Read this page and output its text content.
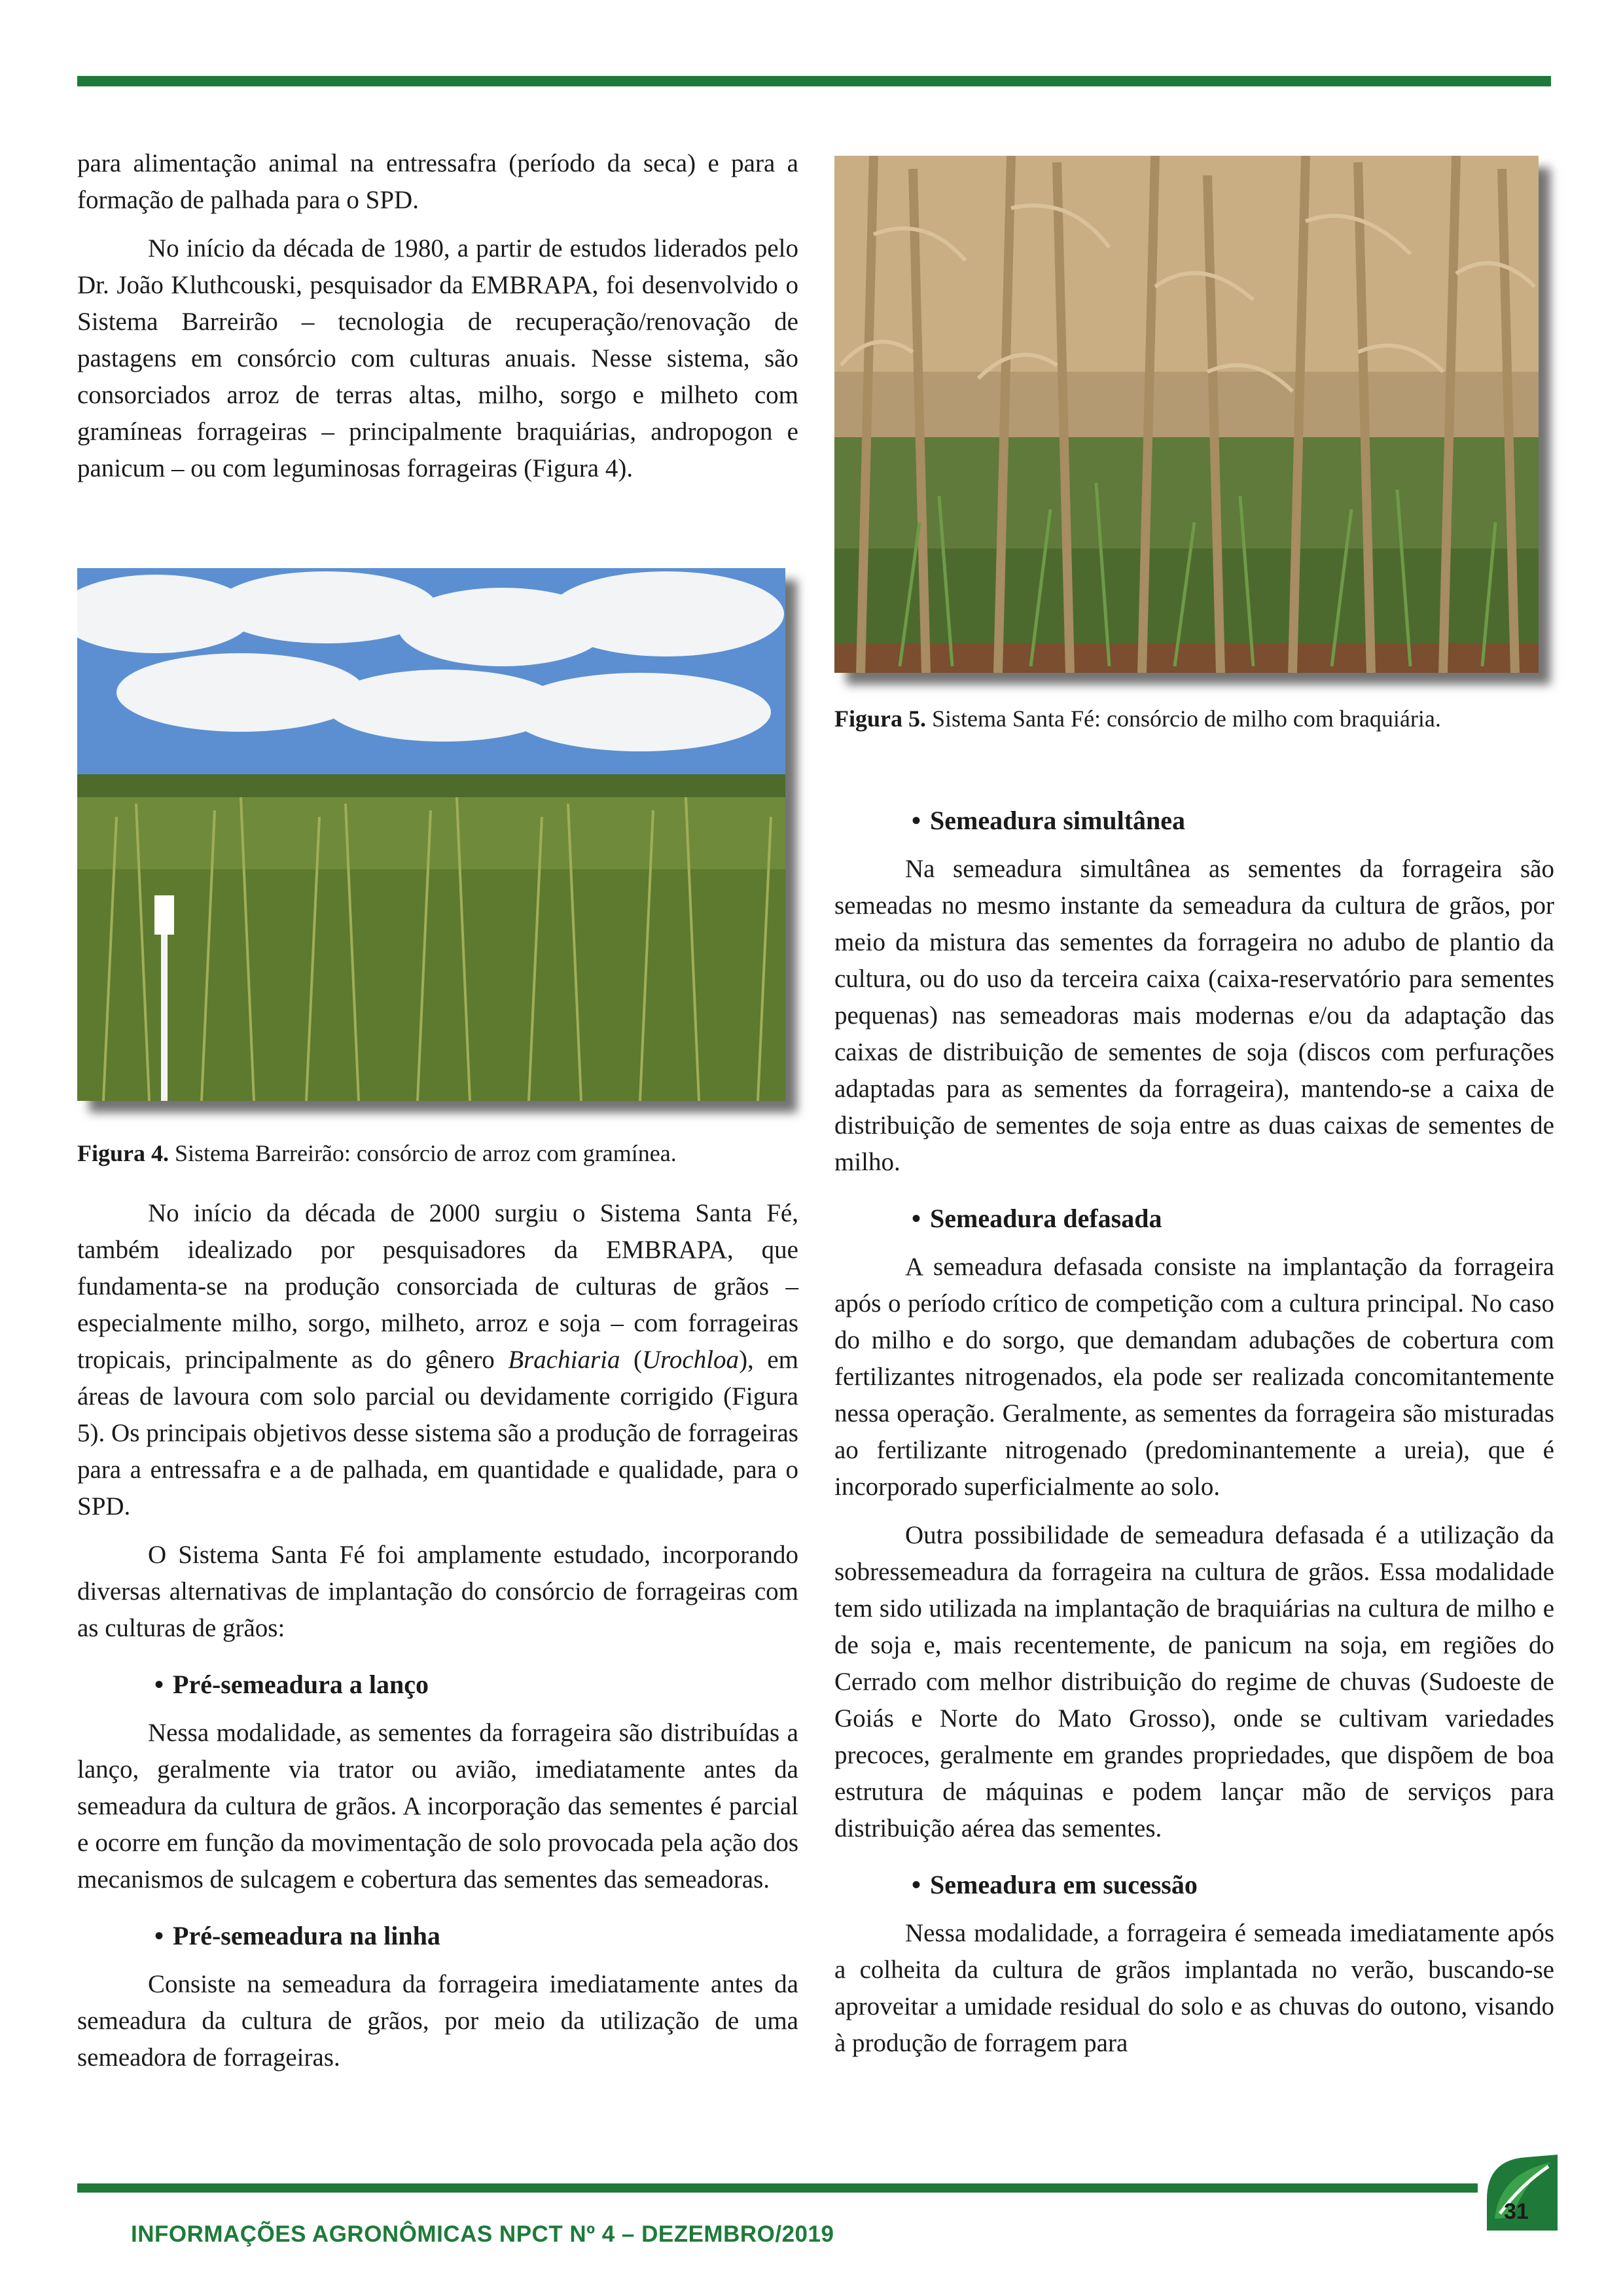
para alimentação animal na entressafra (período da seca) e para a formação de palhada para o SPD.

No início da década de 1980, a partir de estudos liderados pelo Dr. João Kluthcouski, pesquisador da EMBRAPA, foi desenvolvido o Sistema Barreirão – tecnologia de recuperação/renovação de pastagens em consórcio com culturas anuais. Nesse sistema, são consorciados arroz de terras altas, milho, sorgo e milheto com gramíneas forrageiras – principalmente braquiárias, andropogon e panicum – ou com leguminosas forrageiras (Figura 4).

Figura 5. Sistema Santa Fé: consórcio de milho com braquiária.
Figura 4. Sistema Barreirão: consórcio de arroz com gramínea.

No início da década de 2000 surgiu o Sistema Santa Fé, também idealizado por pesquisadores da EMBRAPA, que fundamenta-se na produção consorciada de culturas de grãos – especialmente milho, sorgo, milheto, arroz e soja – com forrageiras tropicais, principalmente as do gênero Brachiaria (Urochloa), em áreas de lavoura com solo parcial ou devidamente corrigido (Figura 5). Os principais objetivos desse sistema são a produção de forrageiras para a entressafra e a de palhada, em quantidade e qualidade, para o SPD.

O Sistema Santa Fé foi amplamente estudado, incorporando diversas alternativas de implantação do consórcio de forrageiras com as culturas de grãos:

• Pré-semeadura a lanço

Nessa modalidade, as sementes da forrageira são distribuídas a lanço, geralmente via trator ou avião, imediatamente antes da semeadura da cultura de grãos. A incorporação das sementes é parcial e ocorre em função da movimentação de solo provocada pela ação dos mecanismos de sulcagem e cobertura das sementes das semeadoras.

• Pré-semeadura na linha

Consiste na semeadura da forrageira imediatamente antes da semeadura da cultura de grãos, por meio da utilização de uma semeadora de forrageiras.

• Semeadura simultânea

Na semeadura simultânea as sementes da forrageira são semeadas no mesmo instante da semeadura da cultura de grãos, por meio da mistura das sementes da forrageira no adubo de plantio da cultura, ou do uso da terceira caixa (caixa-reservatório para sementes pequenas) nas semeadoras mais modernas e/ou da adaptação das caixas de distribuição de sementes de soja (discos com perfurações adaptadas para as sementes da forrageira), mantendo-se a caixa de distribuição de sementes de soja entre as duas caixas de sementes de milho.

• Semeadura defasada

A semeadura defasada consiste na implantação da forrageira após o período crítico de competição com a cultura principal. No caso do milho e do sorgo, que demandam adubações de cobertura com fertilizantes nitrogenados, ela pode ser realizada concomitantemente nessa operação. Geralmente, as sementes da forrageira são misturadas ao fertilizante nitrogenado (predominantemente a ureia), que é incorporado superficialmente ao solo.

Outra possibilidade de semeadura defasada é a utilização da sobressemeadura da forrageira na cultura de grãos. Essa modalidade tem sido utilizada na implantação de braquiárias na cultura de milho e de soja e, mais recentemente, de panicum na soja, em regiões do Cerrado com melhor distribuição do regime de chuvas (Sudoeste de Goiás e Norte do Mato Grosso), onde se cultivam variedades precoces, geralmente em grandes propriedades, que dispõem de boa estrutura de máquinas e podem lançar mão de serviços para distribuição aérea das sementes.

• Semeadura em sucessão

Nessa modalidade, a forrageira é semeada imediatamente após a colheita da cultura de grãos implantada no verão, buscando-se aproveitar a umidade residual do solo e as chuvas do outono, visando à produção de forragem para

31
INFORMAÇÕES AGRONÔMICAS NPCT Nº 4 – DEZEMBRO/2019
